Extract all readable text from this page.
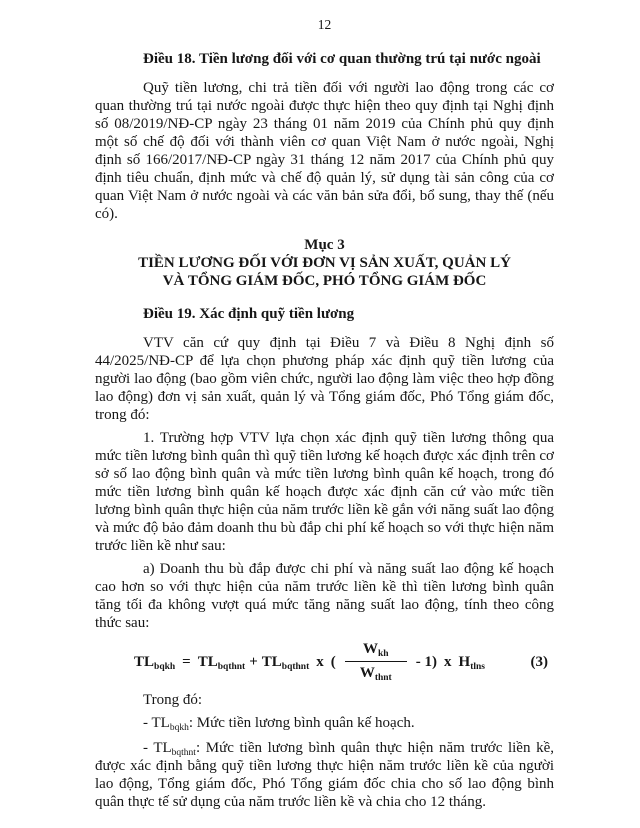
12
Điều 18. Tiền lương đối với cơ quan thường trú tại nước ngoài

Quỹ tiền lương, chi trả tiền đối với người lao động trong các cơ quan thường trú tại nước ngoài được thực hiện theo quy định tại Nghị định số 08/2019/NĐ-CP ngày 23 tháng 01 năm 2019 của Chính phủ quy định một số chế độ đối với thành viên cơ quan Việt Nam ở nước ngoài, Nghị định số 166/2017/NĐ-CP ngày 31 tháng 12 năm 2017 của Chính phủ quy định tiêu chuẩn, định mức và chế độ quản lý, sử dụng tài sản công của cơ quan Việt Nam ở nước ngoài và các văn bản sửa đổi, bổ sung, thay thế (nếu có).

Mục 3
TIỀN LƯƠNG ĐỐI VỚI ĐƠN VỊ SẢN XUẤT, QUẢN LÝ
VÀ TỔNG GIÁM ĐỐC, PHÓ TỔNG GIÁM ĐỐC
Điều 19. Xác định quỹ tiền lương

VTV căn cứ quy định tại Điều 7 và Điều 8 Nghị định số 44/2025/NĐ-CP để lựa chọn phương pháp xác định quỹ tiền lương của người lao động (bao gồm viên chức, người lao động làm việc theo hợp đồng lao động) đơn vị sản xuất, quản lý và Tổng giám đốc, Phó Tổng giám đốc, trong đó:

1. Trường hợp VTV lựa chọn xác định quỹ tiền lương thông qua mức tiền lương bình quân thì quỹ tiền lương kế hoạch được xác định trên cơ sở số lao động bình quân và mức tiền lương bình quân kế hoạch, trong đó mức tiền lương bình quân kế hoạch được xác định căn cứ vào mức tiền lương bình quân thực hiện của năm trước liền kề gắn với năng suất lao động và mức độ bảo đảm doanh thu bù đắp chi phí kế hoạch so với thực hiện năm trước liền kề như sau:

a) Doanh thu bù đắp được chi phí và năng suất lao động kế hoạch cao hơn so với thực hiện của năm trước liền kề thì tiền lương bình quân tăng tối đa không vượt quá mức tăng năng suất lao động, tính theo công thức sau:

$TL_{bqkh} = TL_{bqthnt} + TL_{bqthnt}$ x ( $\frac{W_{kh}}{W_{thnt}} - 1$) x $H_{tlns}$	(3)

Trong đó:

- $TL_{bqkh}$: Mức tiền lương bình quân kế hoạch.

- $TL_{bqthnt}$: Mức tiền lương bình quân thực hiện năm trước liền kề, được xác định bằng quỹ tiền lương thực hiện năm trước liền kề của người lao động, Tổng giám đốc, Phó Tổng giám đốc chia cho số lao động bình quân thực tế sử dụng của năm trước liền kề và chia cho 12 tháng.
